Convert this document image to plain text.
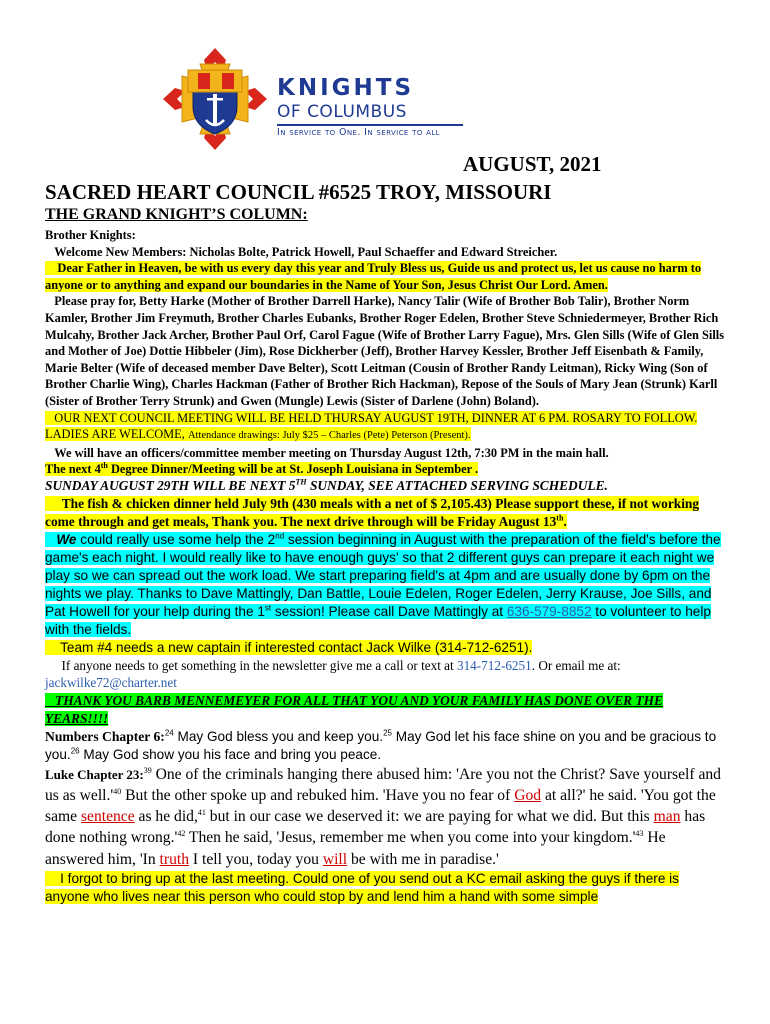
KNIGHTS
OF COLUMBUS
In service to One. In service to all
AUGUST, 2021
SACRED HEART COUNCIL #6525 TROY, MISSOURI
THE GRAND KNIGHT’S COLUMN:

Brother Knights:

Welcome New Members: Nicholas Bolte, Patrick Howell, Paul Schaeffer and Edward Streicher.

Dear Father in Heaven, be with us every day this year and Truly Bless us, Guide us and protect us, let us cause no harm to anyone or to anything and expand our boundaries in the Name of Your Son, Jesus Christ Our Lord. Amen.

Please pray for, Betty Harke (Mother of Brother Darrell Harke), Nancy Talir (Wife of Brother Bob Talir), Brother Norm Kamler, Brother Jim Freymuth, Brother Charles Eubanks, Brother Roger Edelen, Brother Steve Schniedermeyer, Brother Rich Mulcahy, Brother Jack Archer, Brother Paul Orf, Carol Fague (Wife of Brother Larry Fague), Mrs. Glen Sills (Wife of Glen Sills and Mother of Joe) Dottie Hibbeler (Jim), Rose Dickherber (Jeff), Brother Harvey Kessler, Brother Jeff Eisenbath & Family, Marie Belter (Wife of deceased member Dave Belter), Scott Leitman (Cousin of Brother Randy Leitman), Ricky Wing (Son of Brother Charlie Wing), Charles Hackman (Father of Brother Rich Hackman), Repose of the Souls of Mary Jean (Strunk) Karll (Sister of Brother Terry Strunk) and Gwen (Mungle) Lewis (Sister of Darlene (John) Boland).

OUR NEXT COUNCIL MEETING WILL BE HELD THURSAY AUGUST 19TH, DINNER AT 6 PM. ROSARY TO FOLLOW. LADIES ARE WELCOME, Attendance drawings: July $25 – Charles (Pete) Peterson (Present).

We will have an officers/committee member meeting on Thursday August 12th, 7:30 PM in the main hall.

The next 4th Degree Dinner/Meeting will be at St. Joseph Louisiana in September .

SUNDAY AUGUST 29TH WILL BE NEXT 5TH SUNDAY, SEE ATTACHED SERVING SCHEDULE.

The fish & chicken dinner held July 9th (430 meals with a net of $ 2,105.43) Please support these, if not working come through and get meals, Thank you. The next drive through will be Friday August 13th.

We could really use some help the 2nd session beginning in August with the preparation of the field's before the game's each night. I would really like to have enough guys' so that 2 different guys can prepare it each night we play so we can spread out the work load. We start preparing field's at 4pm and are usually done by 6pm on the nights we play. Thanks to Dave Mattingly, Dan Battle, Louie Edelen, Roger Edelen, Jerry Krause, Joe Sills, and Pat Howell for your help during the 1st session! Please call Dave Mattingly at 636-579-8852 to volunteer to help with the fields.

Team #4 needs a new captain if interested contact Jack Wilke (314-712-6251).

If anyone needs to get something in the newsletter give me a call or text at 314-712-6251. Or email me at:
jackwilke72@charter.net

THANK YOU BARB MENNEMEYER FOR ALL THAT YOU AND YOUR FAMILY HAS DONE OVER THE YEARS!!!!

Numbers Chapter 6:$^{24}$ May God bless you and keep you.$^{25}$ May God let his face shine on you and be gracious to you.$^{26}$ May God show you his face and bring you peace.

Luke Chapter 23:$^{39}$ One of the criminals hanging there abused him: 'Are you not the Christ? Save yourself and us as $well.'^{40}$ But the other spoke up and rebuked him. 'Have you no fear of God at all?' he said. 'You got the same sentence as he did,$^{41}$ but in our case we deserved it: we are paying for what we did. But this man has done nothing $wrong.'^{42}$ Then he said, 'Jesus, remember me when you come into your $kingdom.'^{43}$ He answered him, 'In truth I tell you, today you will be with me in paradise.'

I forgot to bring up at the last meeting. Could one of you send out a KC email asking the guys if there is anyone who lives near this person who could stop by and lend him a hand with some simple
